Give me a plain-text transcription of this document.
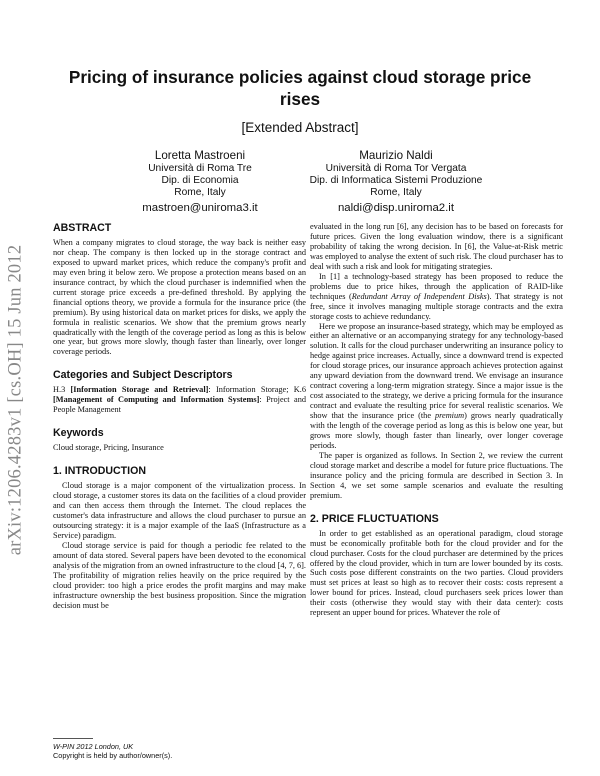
arXiv:1206.4283v1 [cs.OH] 15 Jun 2012
Pricing of insurance policies against cloud storage price rises
[Extended Abstract]
Loretta Mastroeni
Università di Roma Tre
Dip. di Economia
Rome, Italy
mastroen@uniroma3.it
Maurizio Naldi
Università di Roma Tor Vergata
Dip. di Informatica Sistemi Produzione
Rome, Italy
naldi@disp.uniroma2.it
ABSTRACT

When a company migrates to cloud storage, the way back is neither easy nor cheap. The company is then locked up in the storage contract and exposed to upward market prices, which reduce the company's profit and may even bring it below zero. We propose a protection means based on an insurance contract, by which the cloud purchaser is indemnified when the current storage price exceeds a pre-defined threshold. By applying the financial options theory, we provide a formula for the insurance price (the premium). By using historical data on market prices for disks, we apply the formula in realistic scenarios. We show that the premium grows nearly quadratically with the length of the coverage period as long as this is below one year, but grows more slowly, though faster than linearly, over longer coverage periods.

Categories and Subject Descriptors

H.3 [Information Storage and Retrieval]: Information Storage; K.6 [Management of Computing and Information Systems]: Project and People Management

Keywords

Cloud storage, Pricing, Insurance

1. INTRODUCTION

Cloud storage is a major component of the virtualization process. In cloud storage, a customer stores its data on the facilities of a cloud provider and can then access them through the Internet. The cloud replaces the customer's data infrastructure and allows the cloud purchaser to pursue an outsourcing strategy: it is a major example of the IaaS (Infrastructure as a Service) paradigm.

Cloud storage service is paid for though a periodic fee related to the amount of data stored. Several papers have been devoted to the economical analysis of the migration from an owned infrastructure to the cloud [4, 7, 6]. The profitability of migration relies heavily on the price required by the cloud provider: too high a price erodes the profit margins and may make infrastructure ownership the best business proposition. Since the migration decision must be

evaluated in the long run [6], any decision has to be based on forecasts for future prices. Given the long evaluation window, there is a significant probability of taking the wrong decision. In [6], the Value-at-Risk metric was employed to analyse the extent of such risk. The cloud purchaser has to deal with such a risk and look for mitigating strategies.

In [1] a technology-based strategy has been proposed to reduce the problems due to price hikes, through the application of RAID-like techniques (Redundant Array of Independent Disks). That strategy is not free, since it involves managing multiple storage contracts and the extra storage costs to achieve redundancy.

Here we propose an insurance-based strategy, which may be employed as either an alternative or an accompanying strategy for any technology-based solution. It calls for the cloud purchaser underwriting an insurance policy to hedge against price increases. Actually, since a downward trend is expected for cloud storage prices, our insurance approach achieves protection against any upward deviation from the downward trend. We envisage an insurance contract covering a long-term migration strategy. Since a major issue is the cost associated to the strategy, we derive a pricing formula for the insurance contract and evaluate the resulting price for several realistic scenarios. We show that the insurance price (the premium) grows nearly quadratically with the length of the coverage period as long as this is below one year, but grows more slowly, though faster than linearly, over longer coverage periods.

The paper is organized as follows. In Section 2, we review the current cloud storage market and describe a model for future price fluctuations. The insurance policy and the pricing formula are described in Section 3. In Section 4, we set some sample scenarios and evaluate the resulting premium.

2. PRICE FLUCTUATIONS

In order to get established as an operational paradigm, cloud storage must be economically profitable both for the cloud provider and for the cloud purchaser. Costs for the cloud purchaser are determined by the prices offered by the cloud provider, which in turn are lower bounded by its costs. Such costs pose different constraints on the two parties. Cloud providers must set prices at least so high as to recover their costs: costs represent a lower bound for prices. Instead, cloud purchasers seek prices lower than their costs (otherwise they would stay with their data center): costs represent an upper bound for prices. Whatever the role of

W-PIN 2012 London, UK
Copyright is held by author/owner(s).
